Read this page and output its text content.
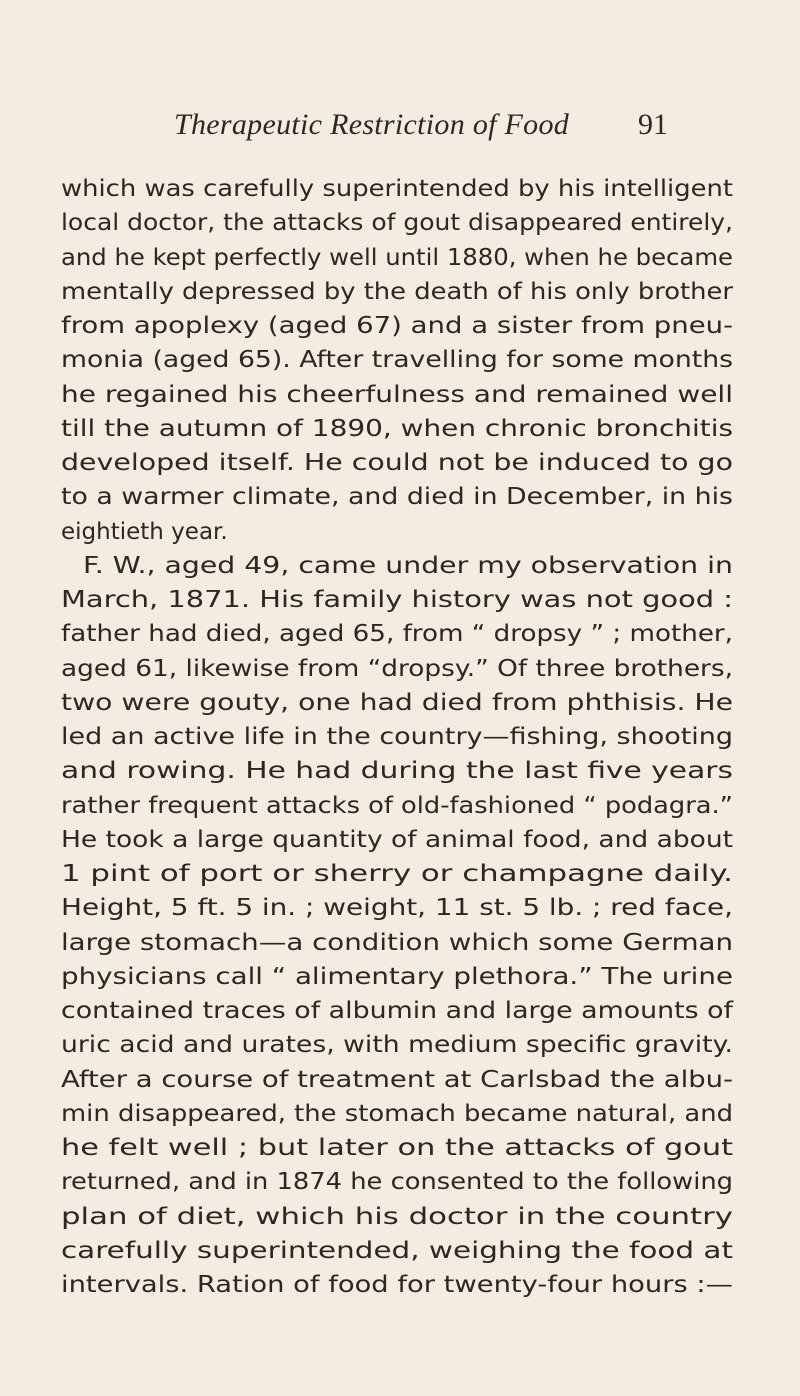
Therapeutic Restriction of Food 91
which was carefully superintended by his intelligent
local doctor, the attacks of gout disappeared entirely,
and he kept perfectly well until 1880, when he became
mentally depressed by the death of his only brother
from apoplexy (aged 67) and a sister from pneu-
monia (aged 65). After travelling for some months
he regained his cheerfulness and remained well
till the autumn of 1890, when chronic bronchitis
developed itself. He could not be induced to go
to a warmer climate, and died in December, in his
eightieth year.
F. W., aged 49, came under my observation in
March, 1871. His family history was not good :
father had died, aged 65, from “ dropsy ” ; mother,
aged 61, likewise from “dropsy.” Of three brothers,
two were gouty, one had died from phthisis. He
led an active life in the country—fishing, shooting
and rowing. He had during the last five years
rather frequent attacks of old-fashioned “ podagra.”
He took a large quantity of animal food, and about
1 pint of port or sherry or champagne daily.
Height, 5 ft. 5 in. ; weight, 11 st. 5 lb. ; red face,
large stomach—a condition which some German
physicians call “ alimentary plethora.” The urine
contained traces of albumin and large amounts of
uric acid and urates, with medium specific gravity.
After a course of treatment at Carlsbad the albu-
min disappeared, the stomach became natural, and
he felt well ; but later on the attacks of gout
returned, and in 1874 he consented to the following
plan of diet, which his doctor in the country
carefully superintended, weighing the food at
intervals. Ration of food for twenty-four hours :—
